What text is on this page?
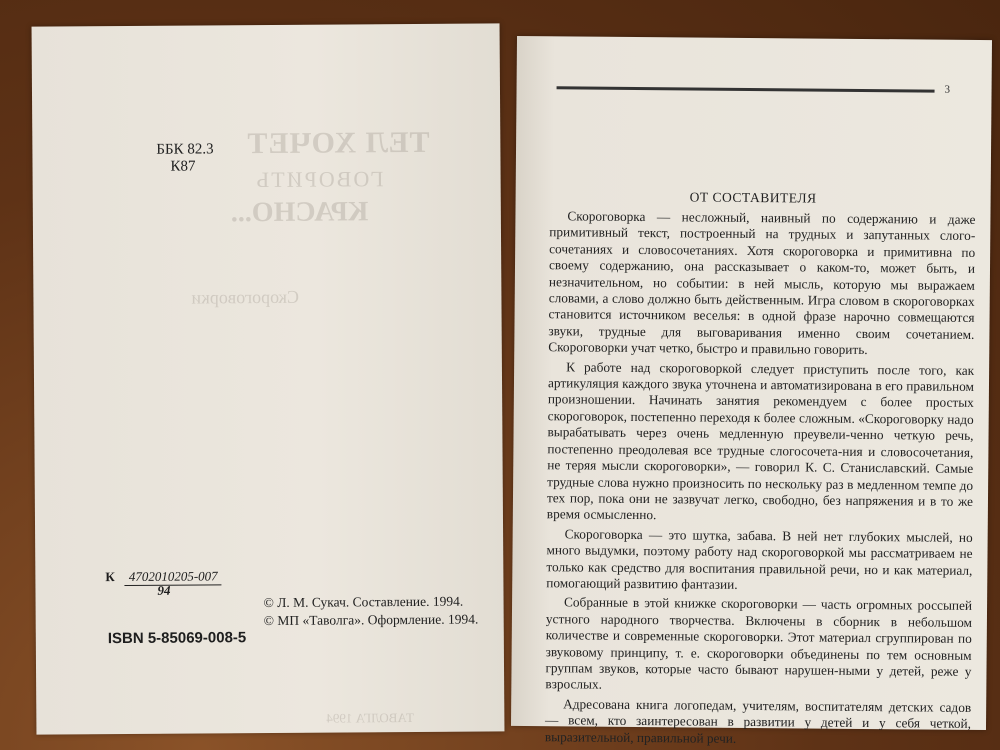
ТЕЛ ХОЧЕТ
ГОВОРИТЬ
КРАСНО...
Скороговорки
ТАВОЛГА 1994
ББК 82.3
К87
К 4702010205-007
94
© Л. М. Сукач. Составление. 1994.
© МП «Таволга». Оформление. 1994.
ISBN 5-85069-008-5
3
ОТ СОСТАВИТЕЛЯ

Скороговорка — несложный, наивный по содержанию и даже примитивный текст, построенный на трудных и запутанных слого-сочетаниях и словосочетаниях. Хотя скороговорка и примитивна по своему содержанию, она рассказывает о каком-то, может быть, и незначительном, но событии: в ней мысль, которую мы выражаем словами, а слово должно быть действенным. Игра словом в скороговорках становится источником веселья: в одной фразе нарочно совмещаются звуки, трудные для выговаривания именно своим сочетанием. Скороговорки учат четко, быстро и правильно говорить.

К работе над скороговоркой следует приступить после того, как артикуляция каждого звука уточнена и автоматизирована в его правильном произношении. Начинать занятия рекомендуем с более простых скороговорок, постепенно переходя к более сложным. «Скороговорку надо вырабатывать через очень медленную преувели-ченно четкую речь, постепенно преодолевая все трудные слогосочета-ния и словосочетания, не теряя мысли скороговорки», — говорил К. С. Станиславский. Самые трудные слова нужно произносить по нескольку раз в медленном темпе до тех пор, пока они не зазвучат легко, свободно, без напряжения и в то же время осмысленно.

Скороговорка — это шутка, забава. В ней нет глубоких мыслей, но много выдумки, поэтому работу над скороговоркой мы рассматриваем не только как средство для воспитания правильной речи, но и как материал, помогающий развитию фантазии.

Собранные в этой книжке скороговорки — часть огромных россыпей устного народного творчества. Включены в сборник в небольшом количестве и современные скороговорки. Этот материал сгруппирован по звуковому принципу, т. е. скороговорки объединены по тем основным группам звуков, которые часто бывают нарушен-ными у детей, реже у взрослых.

Адресована книга логопедам, учителям, воспитателям детских садов — всем, кто заинтересован в развитии у детей и у себя четкой, выразительной, правильной речи.
